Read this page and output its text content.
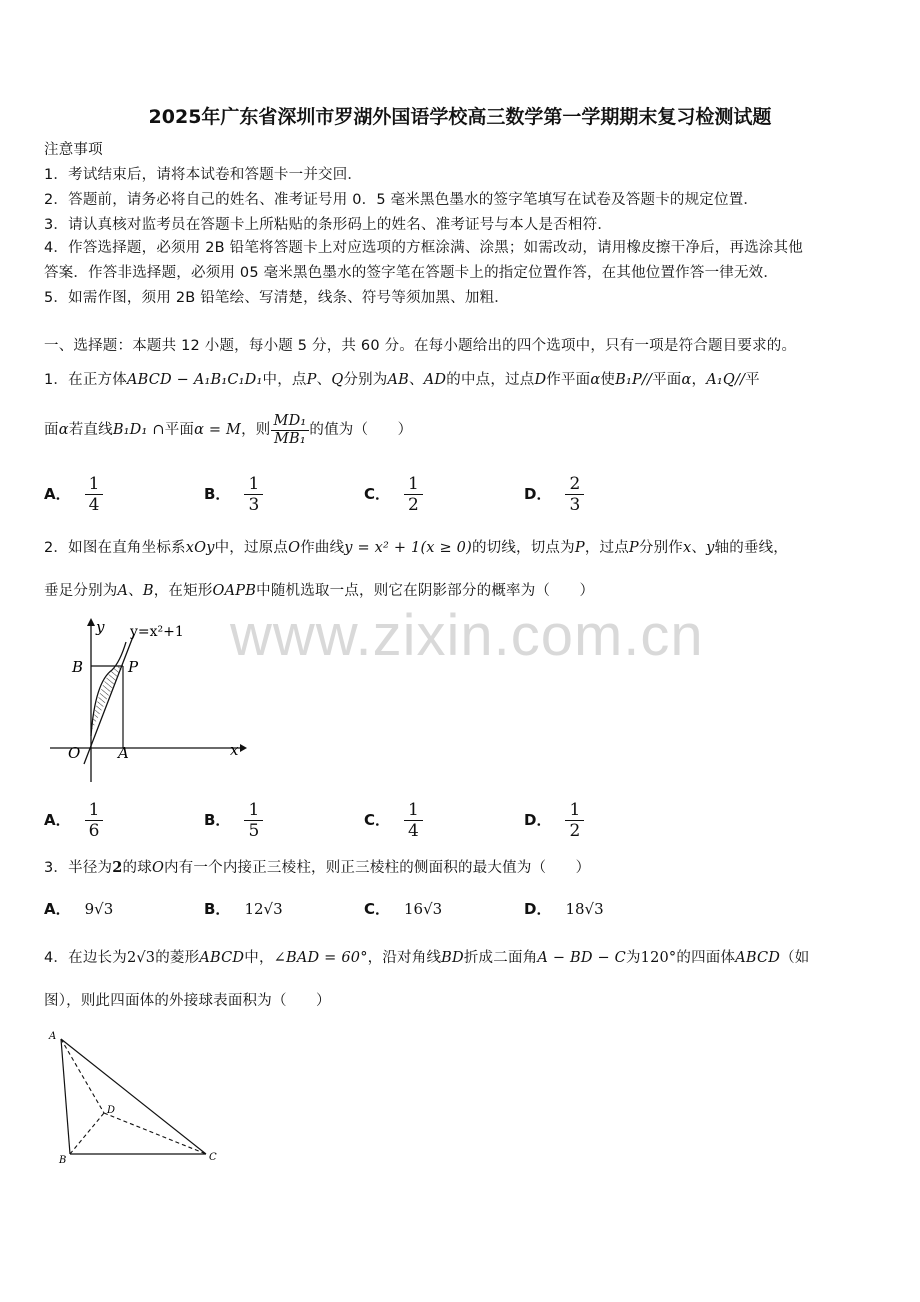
2025年广东省深圳市罗湖外国语学校高三数学第一学期期末复习检测试题
注意事项
1．考试结束后，请将本试卷和答题卡一并交回．
2．答题前，请务必将自己的姓名、准考证号用 0．5 毫米黑色墨水的签字笔填写在试卷及答题卡的规定位置．
3．请认真核对监考员在答题卡上所粘贴的条形码上的姓名、准考证号与本人是否相符．
4．作答选择题，必须用 2B 铅笔将答题卡上对应选项的方框涂满、涂黑；如需改动，请用橡皮擦干净后，再选涂其他
答案．作答非选择题，必须用 05 毫米黑色墨水的签字笔在答题卡上的指定位置作答，在其他位置作答一律无效．
5．如需作图，须用 2B 铅笔绘、写清楚，线条、符号等须加黑、加粗．
一、选择题：本题共 12 小题，每小题 5 分，共 60 分。在每小题给出的四个选项中，只有一项是符合题目要求的。
1．在正方体ABCD − A₁B₁C₁D₁中，点P、Q分别为AB、AD的中点，过点D作平面α使B₁P//平面α，A₁Q//平
面α若直线B₁D₁ ∩平面α = M，则 $\frac{\text{MD₁}}{\text{MB₁}}$ 的值为（　　）
A． $\frac{1}{4}$	B． $\frac{1}{3}$	C． $\frac{1}{2}$	D． $\frac{2}{3}$
2．如图在直角坐标系xOy中，过原点O作曲线y = x² + 1(x ≥ 0)的切线，切点为P，过点P分别作x、y轴的垂线，
垂足分别为A、B，在矩形OAPB中随机选取一点，则它在阴影部分的概率为（　　）
y y=x²+1
B	P
O	A	x
A． $\frac{1}{6}$	B． $\frac{1}{5}$	C． $\frac{1}{4}$	D． $\frac{1}{2}$
3．半径为2的球O内有一个内接正三棱柱，则正三棱柱的侧面积的最大值为（　　）
A． 9√3	B． 12√3	C． 16√3	D． 18√3
4．在边长为2√3的菱形ABCD中，∠BAD = 60°，沿对角线BD折成二面角A − BD − C为120°的四面体ABCD（如
图），则此四面体的外接球表面积为（　　）
A
B	C
D
www.zixin.com.cn
